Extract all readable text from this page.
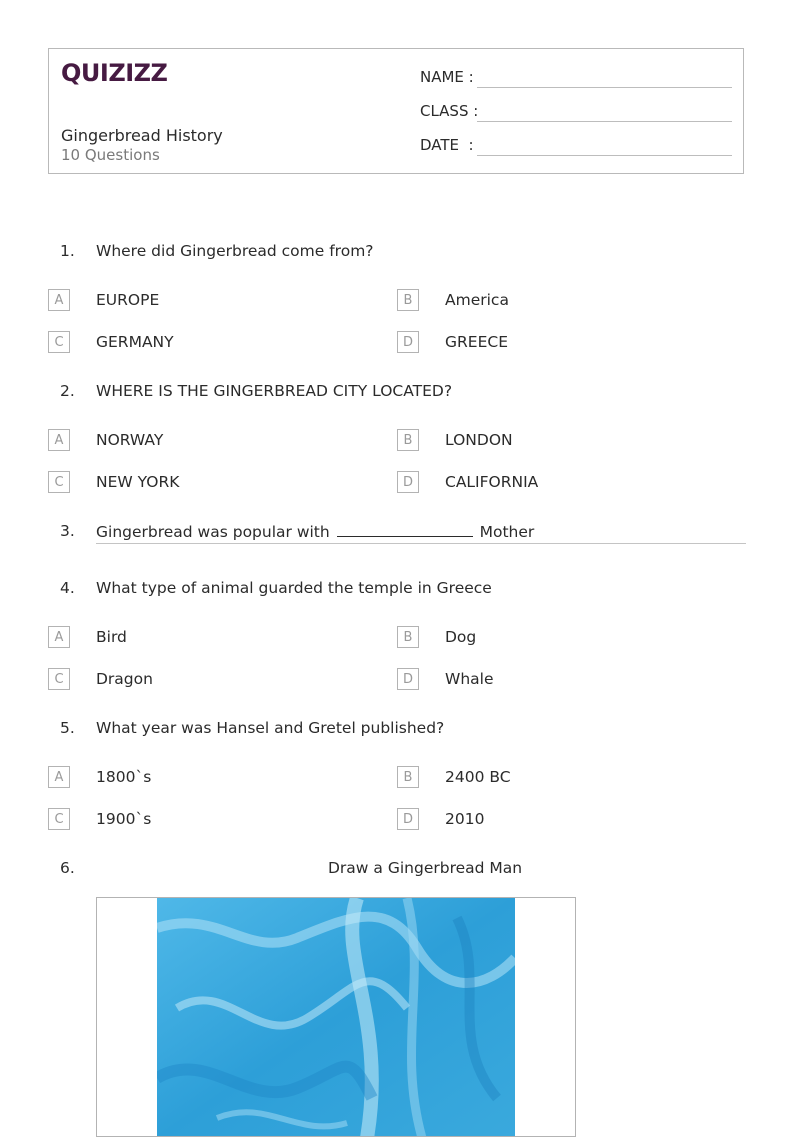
QUIZIZZ
Gingerbread History
10 Questions
NAME :
CLASS :
DATE  :
1. Where did Gingerbread come from?
A	EUROPE	B	America
C	GERMANY	D	GREECE
2. WHERE IS THE GINGERBREAD CITY LOCATED?
A	NORWAY	B	LONDON
C	NEW YORK	D	CALIFORNIA
3. Gingerbread was popular with	Mother
4. What type of animal guarded the temple in Greece
A	Bird	B	Dog
C	Dragon	D	Whale
5. What year was Hansel and Gretel published?
A	1800`s	B	2400 BC
C	1900`s	D	2010
6.	Draw a Gingerbread Man
